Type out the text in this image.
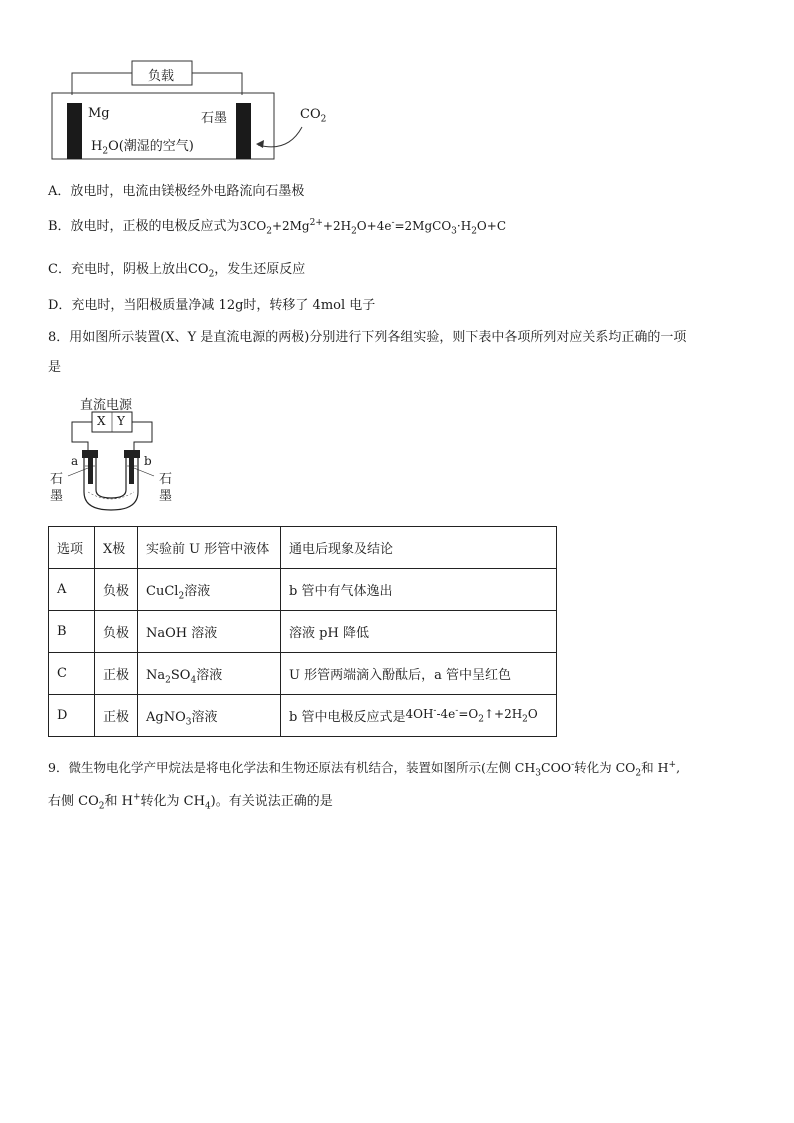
负载
Mg	石墨
$H_2O$(潮湿的空气)
$CO_2$
A．放电时，电流由镁极经外电路流向石墨极
B．放电时，正极的电极反应式为$3CO_2+2Mg^{2+}+2H_2O+4e^-=2MgCO_3\cdot H_2O+C$
C．充电时，阴极上放出$CO_2$，发生还原反应
D．充电时，当阳极质量净减 12g时，转移了 4mol 电子
8．用如图所示装置(X、Y 是直流电源的两极)分别进行下列各组实验，则下表中各项所列对应关系均正确的一项
是
直流电源
X Y
a	b
石
墨
石
墨
选项	X极	实验前 U 形管中液体	通电后现象及结论
A	负极	CuCl$_2$溶液	b 管中有气体逸出
B	负极	NaOH 溶液	溶液 pH 降低
C	正极	$Na_2SO_4$溶液	U 形管两端滴入酚酞后，a 管中呈红色
D	正极	AgNO$_3$溶液	b 管中电极反应式是$4OH^--4e^-=O_2↑+2H_2O$
9．微生物电化学产甲烷法是将电化学法和生物还原法有机结合，装置如图所示(左侧 $CH_3COO^-$转化为 $CO_2$和 H+,
右侧 $CO_2$和 H+转化为 $CH_4$)。有关说法正确的是
